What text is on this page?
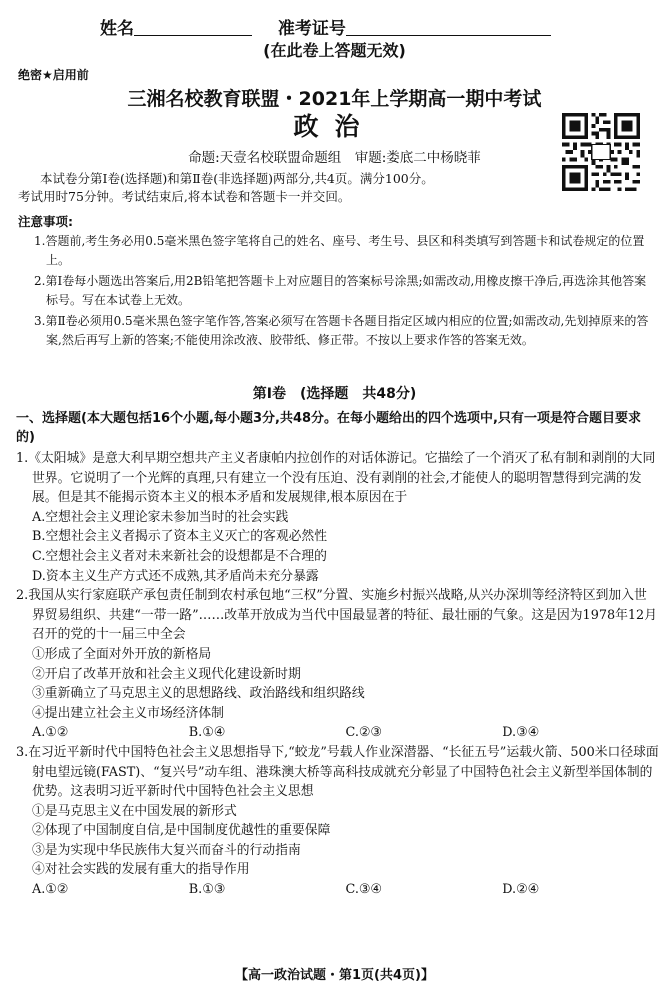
姓名	准考证号
(在此卷上答题无效)
绝密★启用前
三湘名校教育联盟・2021年上学期高一期中考试
政治
命题:天壹名校联盟命题组　审题:娄底二中杨晓菲
本试卷分第Ⅰ卷(选择题)和第Ⅱ卷(非选择题)两部分,共4页。满分100分。
考试用时75分钟。考试结束后,将本试卷和答题卡一并交回。
注意事项:
1.答题前,考生务必用0.5毫米黑色签字笔将自己的姓名、座号、考生号、县区和科类填写到答题卡和试卷规定的位置上。
2.第Ⅰ卷每小题选出答案后,用2B铅笔把答题卡上对应题目的答案标号涂黑;如需改动,用橡皮擦干净后,再选涂其他答案标号。写在本试卷上无效。
3.第Ⅱ卷必须用0.5毫米黑色签字笔作答,答案必须写在答题卡各题目指定区域内相应的位置;如需改动,先划掉原来的答案,然后再写上新的答案;不能使用涂改液、胶带纸、修正带。不按以上要求作答的答案无效。
第Ⅰ卷　(选择题　共48分)
一、选择题(本大题包括16个小题,每小题3分,共48分。在每小题给出的四个选项中,只有一项是符合题目要求的)
1.《太阳城》是意大利早期空想共产主义者康帕内拉创作的对话体游记。它描绘了一个消灭了私有制和剥削的大同世界。它说明了一个光辉的真理,只有建立一个没有压迫、没有剥削的社会,才能使人的聪明智慧得到完满的发展。但是其不能揭示资本主义的根本矛盾和发展规律,根本原因在于
A.空想社会主义理论家未参加当时的社会实践
B.空想社会主义者揭示了资本主义灭亡的客观必然性
C.空想社会主义者对未来新社会的设想都是不合理的
D.资本主义生产方式还不成熟,其矛盾尚未充分暴露
2.我国从实行家庭联产承包责任制到农村承包地“三权”分置、实施乡村振兴战略,从兴办深圳等经济特区到加入世界贸易组织、共建“一带一路”……改革开放成为当代中国最显著的特征、最壮丽的气象。这是因为1978年12月召开的党的十一届三中全会
①形成了全面对外开放的新格局
②开启了改革开放和社会主义现代化建设新时期
③重新确立了马克思主义的思想路线、政治路线和组织路线
④提出建立社会主义市场经济体制
A.①②	B.①④	C.②③	D.③④
3.在习近平新时代中国特色社会主义思想指导下,“蛟龙”号载人作业深潜器、“长征五号”运载火箭、500米口径球面射电望远镜(FAST)、“复兴号”动车组、港珠澳大桥等高科技成就充分彰显了中国特色社会主义新型举国体制的优势。这表明习近平新时代中国特色社会主义思想
①是马克思主义在中国发展的新形式
②体现了中国制度自信,是中国制度优越性的重要保障
③是为实现中华民族伟大复兴而奋斗的行动指南
④对社会实践的发展有重大的指导作用
A.①②	B.①③	C.③④	D.②④
【高一政治试题・第1页(共4页)】
